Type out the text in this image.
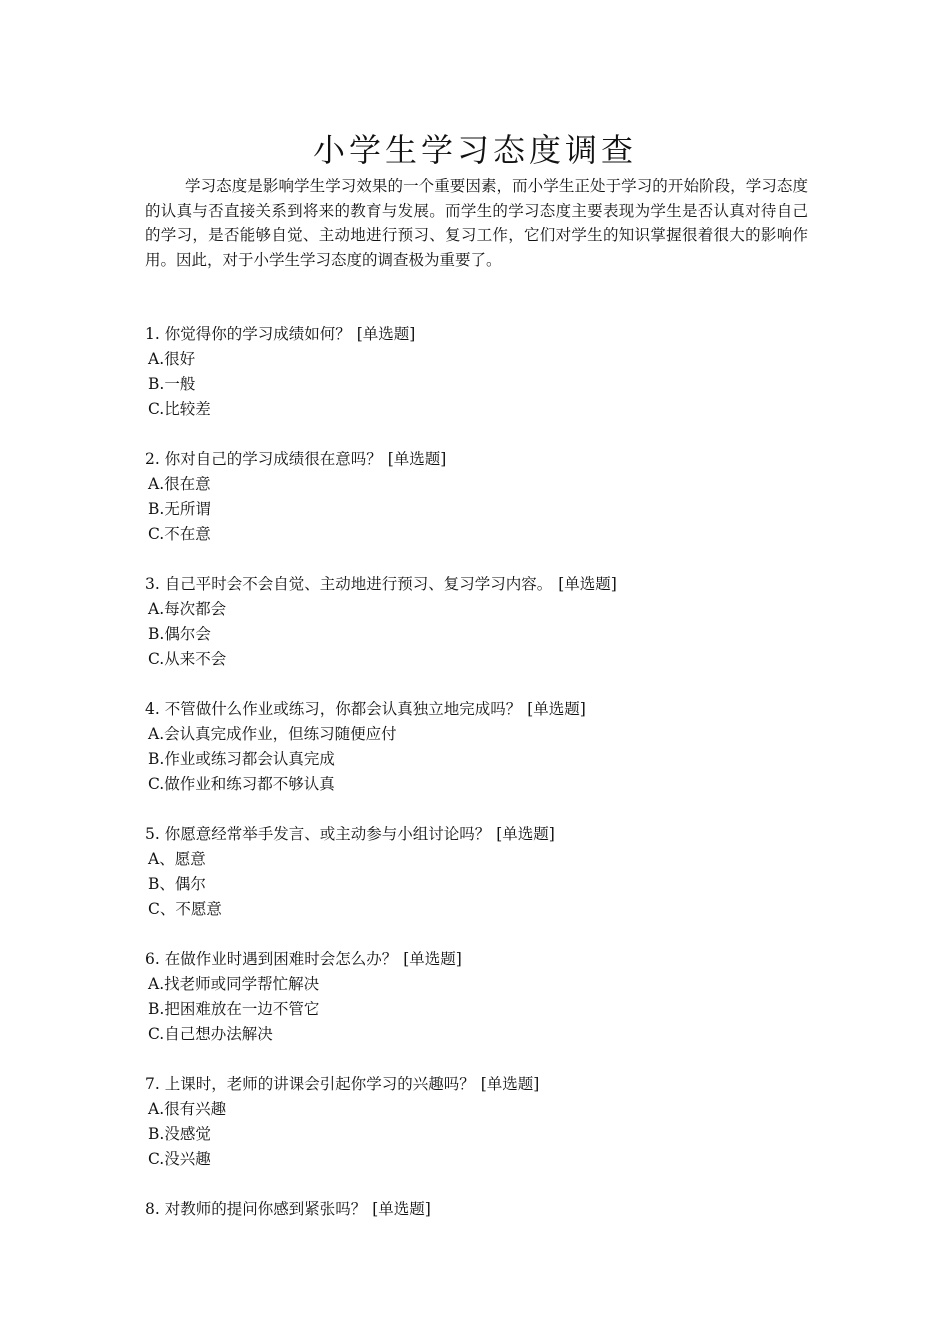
小学生学习态度调查

学习态度是影响学生学习效果的一个重要因素，而小学生正处于学习的开始阶段，学习态度的认真与否直接关系到将来的教育与发展。而学生的学习态度主要表现为学生是否认真对待自己的学习，是否能够自觉、主动地进行预习、复习工作，它们对学生的知识掌握很着很大的影响作用。因此，对于小学生学习态度的调查极为重要了。

1. 你觉得你的学习成绩如何？ [单选题]
A.很好
B.一般
C.比较差
2. 你对自己的学习成绩很在意吗？ [单选题]
A.很在意
B.无所谓
C.不在意
3. 自己平时会不会自觉、主动地进行预习、复习学习内容。 [单选题]
A.每次都会
B.偶尔会
C.从来不会
4. 不管做什么作业或练习，你都会认真独立地完成吗？ [单选题]
A.会认真完成作业，但练习随便应付
B.作业或练习都会认真完成
C.做作业和练习都不够认真
5. 你愿意经常举手发言、或主动参与小组讨论吗？ [单选题]
A、愿意
B、偶尔
C、不愿意
6. 在做作业时遇到困难时会怎么办？ [单选题]
A.找老师或同学帮忙解决
B.把困难放在一边不管它
C.自己想办法解决
7. 上课时，老师的讲课会引起你学习的兴趣吗？ [单选题]
A.很有兴趣
B.没感觉
C.没兴趣
8. 对教师的提问你感到紧张吗？ [单选题]
